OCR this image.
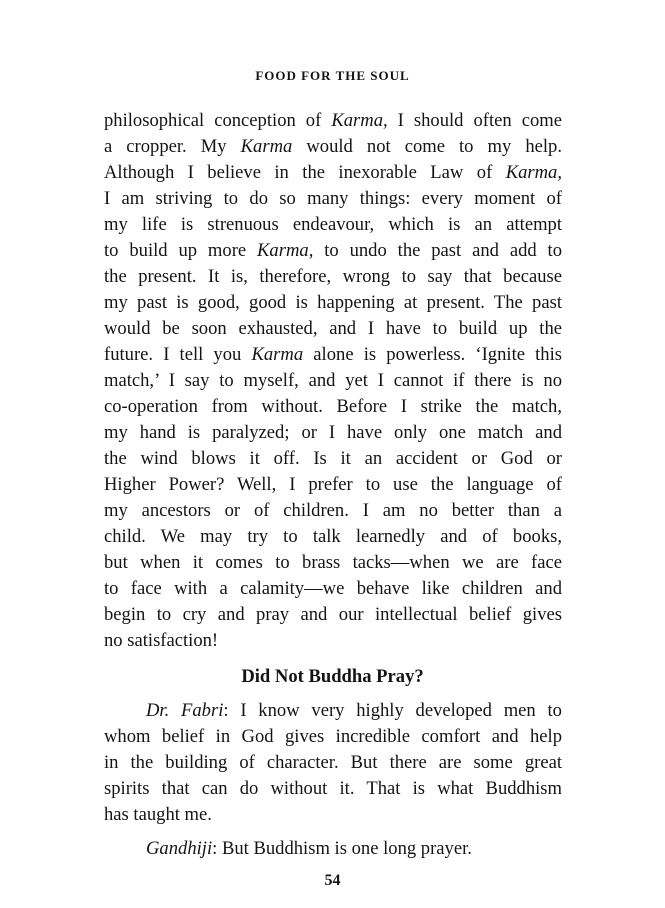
FOOD FOR THE SOUL
philosophical conception of Karma, I should often come
a cropper. My Karma would not come to my help.
Although I believe in the inexorable Law of Karma,
I am striving to do so many things: every moment of
my life is strenuous endeavour, which is an attempt
to build up more Karma, to undo the past and add to
the present. It is, therefore, wrong to say that because
my past is good, good is happening at present. The past
would be soon exhausted, and I have to build up the
future. I tell you Karma alone is powerless. ‘Ignite this
match,’ I say to myself, and yet I cannot if there is no
co-operation from without. Before I strike the match,
my hand is paralyzed; or I have only one match and
the wind blows it off. Is it an accident or God or
Higher Power? Well, I prefer to use the language of
my ancestors or of children. I am no better than a
child. We may try to talk learnedly and of books,
but when it comes to brass tacks—when we are face
to face with a calamity—we behave like children and
begin to cry and pray and our intellectual belief gives
no satisfaction!
Did Not Buddha Pray?
Dr. Fabri: I know very highly developed men to
whom belief in God gives incredible comfort and help
in the building of character. But there are some great
spirits that can do without it. That is what Buddhism
has taught me.
Gandhiji: But Buddhism is one long prayer.
54
